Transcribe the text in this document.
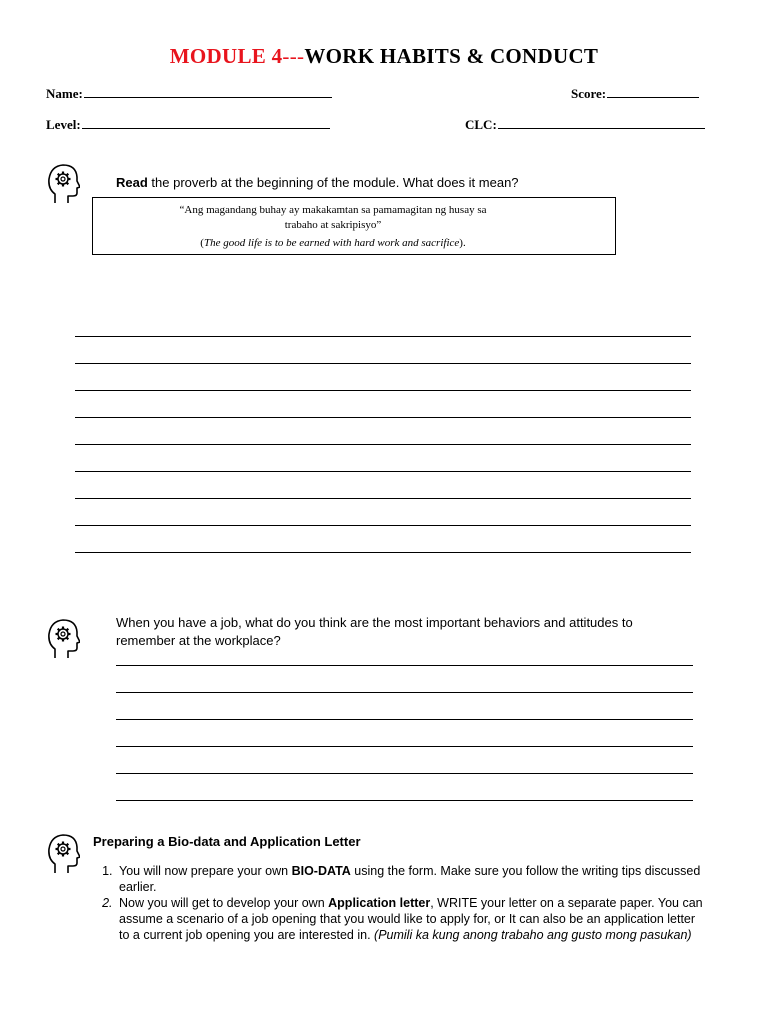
MODULE 4---WORK HABITS & CONDUCT
Name:	Score:
Level:	CLC:
Read the proverb at the beginning of the module. What does it mean?
“Ang magandang buhay ay makakamtan sa pamamagitan ng husay sa
trabaho at sakripisyo”
(The good life is to be earned with hard work and sacrifice).
When you have a job, what do you think are the most important behaviors and attitudes to
remember at the workplace?
Preparing a Bio-data and Application Letter
1. You will now prepare your own BIO-DATA using the form. Make sure you follow the writing tips discussed earlier.
2. Now you will get to develop your own Application letter, WRITE your letter on a separate paper. You can assume a scenario of a job opening that you would like to apply for, or It can also be an application letter to a current job opening you are interested in. (Pumili ka kung anong trabaho ang gusto mong pasukan)
